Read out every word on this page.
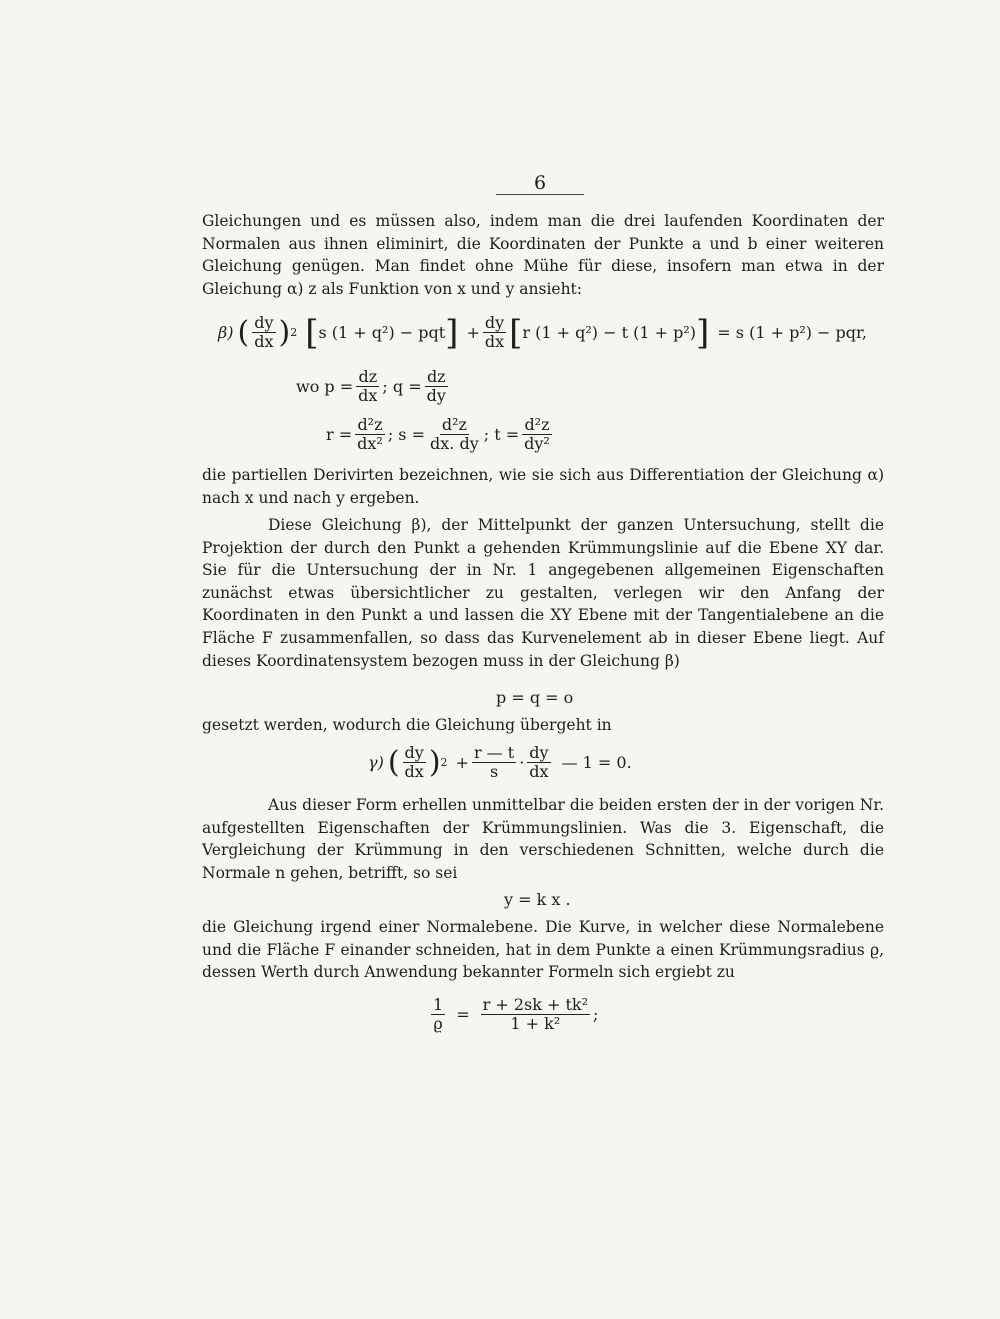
6

Gleichungen und es müssen also, indem man die drei laufenden Koordinaten der Normalen aus ihnen eliminirt, die Koordinaten der Punkte a und b einer weiteren Gleichung genügen. Man findet ohne Mühe für diese, insofern man etwa in der Gleichung α) z als Funktion von x und y ansieht:

β) ( $\frac{dy}{dx}$ ) 2 [ s (1 + q²) − pqt ] + $\frac{dy}{dx}$ [ r (1 + q²) − t (1 + p²) ] = s (1 + p²) − pqr,
wo $p = \frac{dz}{dx}$ ; $q = \frac{dz}{dy}$
$r = \frac{\text{d²z}}{\text{dx²}}$ ; $s = \frac{\text{d²z}}{dx. dy}$ ; $t = \frac{\text{d²z}}{\text{dy²}}$

die partiellen Derivirten bezeichnen, wie sie sich aus Differentiation der Gleichung α) nach x und nach y ergeben.

Diese Gleichung β), der Mittelpunkt der ganzen Untersuchung, stellt die Projektion der durch den Punkt a gehenden Krümmungslinie auf die Ebene XY dar. Sie für die Untersuchung der in Nr. 1 angegebenen allgemeinen Eigenschaften zunächst etwas übersichtlicher zu gestalten, verlegen wir den Anfang der Koordinaten in den Punkt a und lassen die XY Ebene mit der Tangentialebene an die Fläche F zusammenfallen, so dass das Kurvenelement ab in dieser Ebene liegt. Auf dieses Koordinatensystem bezogen muss in der Gleichung β)

p = q = o

gesetzt werden, wodurch die Gleichung übergeht in

γ) ( $\frac{dy}{dx}$ ) $2 + \frac{r — t}{s} \cdot \frac{dy}{dx}$ — 1 = 0.

Aus dieser Form erhellen unmittelbar die beiden ersten der in der vorigen Nr. aufgestellten Eigenschaften der Krümmungslinien. Was die 3. Eigenschaft, die Vergleichung der Krümmung in den verschiedenen Schnitten, welche durch die Normale n gehen, betrifft, so sei

y = k x .

die Gleichung irgend einer Normalebene. Die Kurve, in welcher diese Normalebene und die Fläche F einander schneiden, hat in dem Punkte a einen Krümmungsradius ϱ, dessen Werth durch Anwendung bekannter Formeln sich ergiebt zu

$\frac{1}{ϱ} = \frac{\text{r + 2sk + tk²}}{\text{1 + k²}}$ ;
